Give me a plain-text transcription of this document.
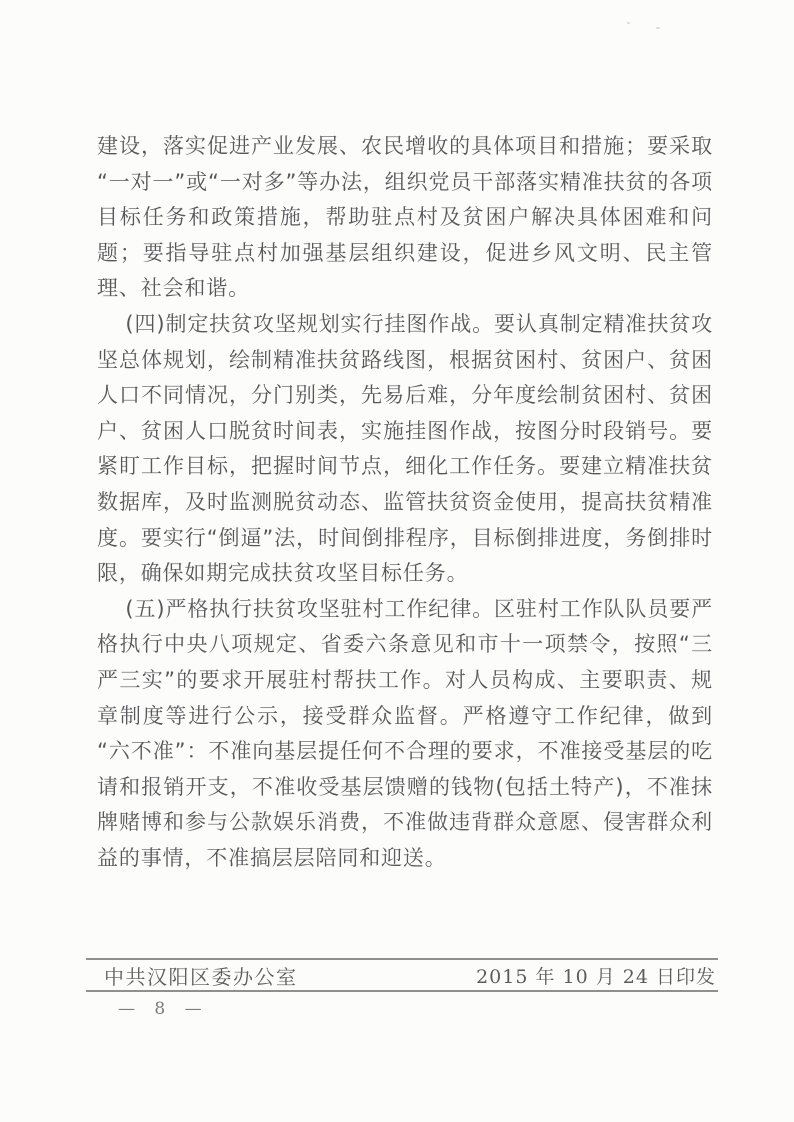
建设，落实促进产业发展、农民增收的具体项目和措施；要采取“一对一”或“一对多”等办法，组织党员干部落实精准扶贫的各项目标任务和政策措施，帮助驻点村及贫困户解决具体困难和问题；要指导驻点村加强基层组织建设，促进乡风文明、民主管理、社会和谐。

(四)制定扶贫攻坚规划实行挂图作战。要认真制定精准扶贫攻坚总体规划，绘制精准扶贫路线图，根据贫困村、贫困户、贫困人口不同情况，分门别类，先易后难，分年度绘制贫困村、贫困户、贫困人口脱贫时间表，实施挂图作战，按图分时段销号。要紧盯工作目标，把握时间节点，细化工作任务。要建立精准扶贫数据库，及时监测脱贫动态、监管扶贫资金使用，提高扶贫精准度。要实行“倒逼”法，时间倒排程序，目标倒排进度，务倒排时限，确保如期完成扶贫攻坚目标任务。

(五)严格执行扶贫攻坚驻村工作纪律。区驻村工作队队员要严格执行中央八项规定、省委六条意见和市十一项禁令，按照“三严三实”的要求开展驻村帮扶工作。对人员构成、主要职责、规章制度等进行公示，接受群众监督。严格遵守工作纪律，做到“六不准”：不准向基层提任何不合理的要求，不准接受基层的吃请和报销开支，不准收受基层馈赠的钱物(包括土特产)，不准抹牌赌博和参与公款娱乐消费，不准做违背群众意愿、侵害群众利益的事情，不准搞层层陪同和迎送。

中共汉阳区委办公室	2015 年 10 月 24 日印发
— 8 —
